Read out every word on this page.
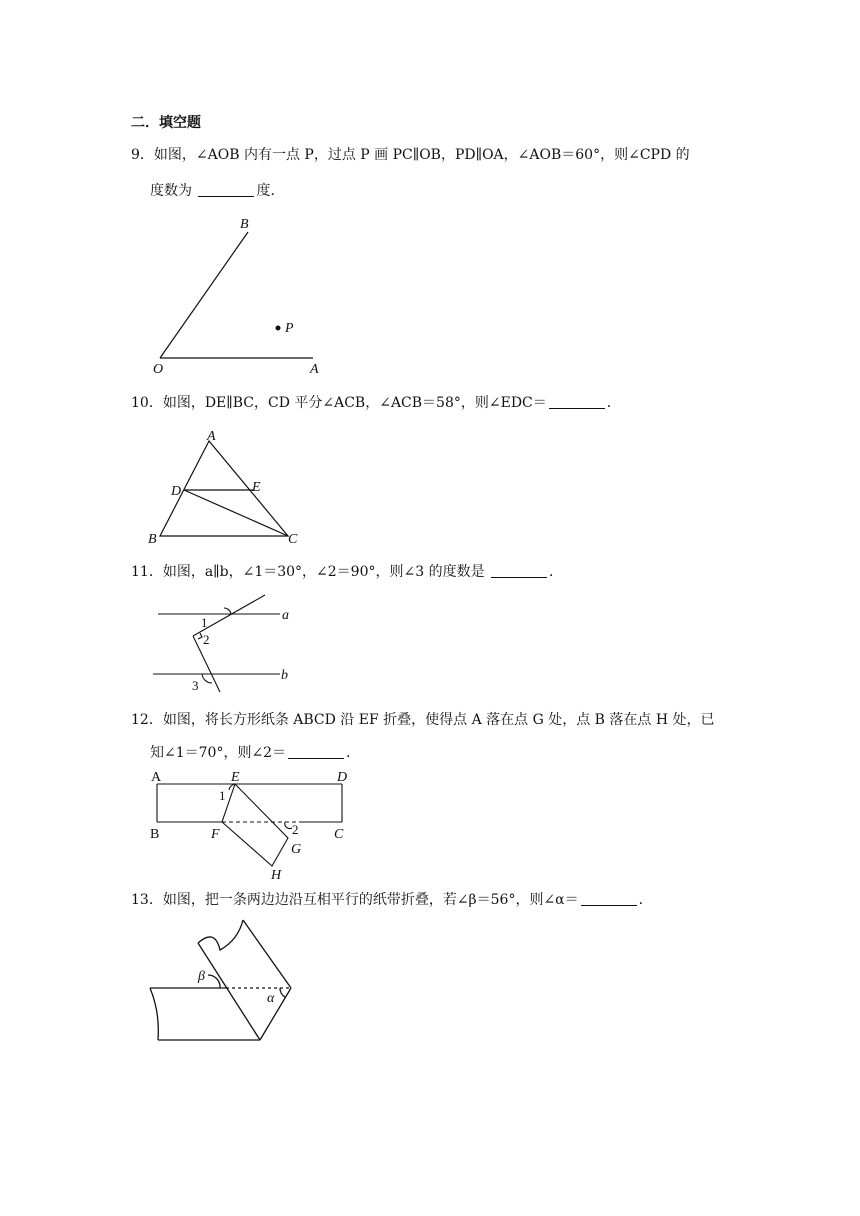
二．填空题
9．如图，∠AOB 内有一点 P，过点 P 画 PC∥OB，PD∥OA，∠AOB＝60°，则∠CPD 的
度数为	度．
10．如图，DE∥BC，CD 平分∠ACB，∠ACB＝58°，则∠EDC＝	．
11．如图，a∥b，∠1＝30°，∠2＝90°，则∠3 的度数是	．
12．如图，将长方形纸条 ABCD 沿 EF 折叠，使得点 A 落在点 G 处，点 B 落在点 H 处，已
知∠1＝70°，则∠2＝	．
13．如图，把一条两边边沿互相平行的纸带折叠，若∠β＝56°，则∠α＝	．
B
P
O	A
A
D	E
B	C
1
2
3
a
b
A	E	D
B	F	C
G
H
1
2
β
α
